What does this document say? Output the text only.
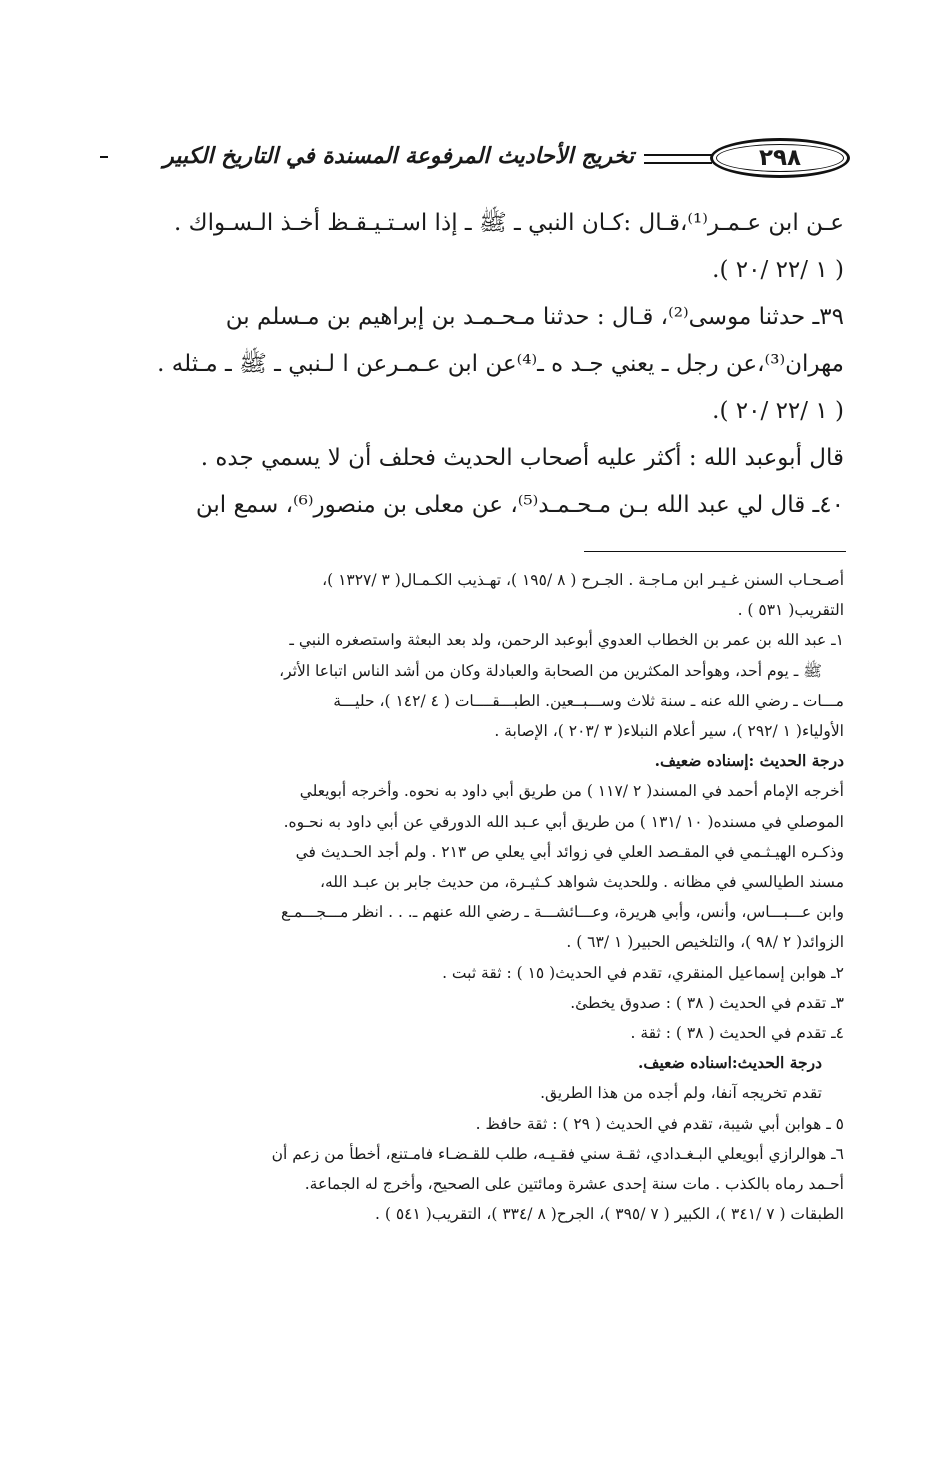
٢٩٨
تخريج الأحاديث المرفوعة المسندة في التاريخ الكبير

عـن ابن عـمـر⁽¹⁾،قـال :كـان النبي ـ ﷺ ـ إذا اسـتـيـقـظ أخـذ الـسـواك .

( ١ /٢٢ /٢٠ ).

٣٩ـ حدثنا موسى⁽²⁾، قـال : حدثنا مـحـمـد بن إبراهيم بن مـسلم بن

مهران⁽³⁾،عن رجل ـ يعني جـد ه ـ⁽⁴⁾عن ابن عـمـرعن ا لـنبي ـ ﷺ ـ مـثله .

( ١ /٢٢ /٢٠ ).

قال أبوعبد الله : أكثر عليه أصحاب الحديث فحلف أن لا يسمي جده .

٤٠ـ قال لي عبد الله بـن مـحـمـد⁽⁵⁾، عن معلى بن منصور⁽⁶⁾، سمع ابن

أصـحـاب السنن غـيـر ابن مـاجـة . الجـرح ( ٨ /١٩٥ )، تهـذيب الكـمـال( ٣ /١٣٢٧ )،

التقريب( ٥٣١ ) .

١ـ عبد الله بن عمر بن الخطاب العدوي أبوعبد الرحمن، ولد بعد البعثة واستصغره النبي ـ

ﷺ ـ يوم أحد، وهوأحد المكثرين من الصحابة والعبادلة وكان من أشد الناس اتباعا الأثر،

مـــات ـ رضي الله عنه ـ سنة ثلاث وســـبــعين. الطبـــقــــات ( ٤ /١٤٢ )، حليـــة

الأولياء( ١ /٢٩٢ )، سير أعلام النبلاء( ٣ /٢٠٣ )، الإصابة .

درجة الحديث :إسناده ضعيف.

أخرجه الإمام أحمد في المسند( ٢ /١١٧ ) من طريق أبي داود به نحوه. وأخرجه أبويعلي

الموصلي في مسنده( ١٠ /١٣١ ) من طريق أبي عـبد الله الدورقي عن أبي داود به نحـوه.

وذكـره الهيـثـمي في المقـصد العلي في زوائد أبي يعلي ص ٢١٣ . ولم أجد الحـديث في

مسند الطيالسي في مظانه . وللحديث شواهد كـثيـرة، من حديث جابر بن عبـد الله،

وابن عـــبـــاس، وأنس، وأبي هريرة، وعـــائشـــة ـ رضي الله عنهم ـ. . . انظر مـــجـــمـع

الزوائد( ٢ /٩٨ )، والتلخيص الحبير( ١ /٦٣ ) .

٢ـ هوابن إسماعيل المنقري، تقدم في الحديث( ١٥ ) : ثقة ثبت .

٣ـ تقدم في الحديث ( ٣٨ ) : صدوق يخطئ.

٤ـ تقدم في الحديث ( ٣٨ ) : ثقة .

درجة الحديث:اسناده ضعيف.

تقدم تخريجه آنفا، ولم أجده من هذا الطريق.

٥ ـ هوابن أبي شيبة، تقدم في الحديث ( ٢٩ ) : ثقة حافظ .

٦ـ هوالرازي أبويعلي البـغـدادي، ثقـة سني فقـيـه، طلب للقـضـاء فامـتنع، أخطأ من زعم أن

أحـمد رماه بالكذب . مات سنة إحدى عشرة ومائتين على الصحيح، وأخرج له الجماعة.

الطبقات ( ٧ /٣٤١ )، الكبير ( ٧ /٣٩٥ )، الجرح( ٨ /٣٣٤ )، التقريب( ٥٤١ ) .
